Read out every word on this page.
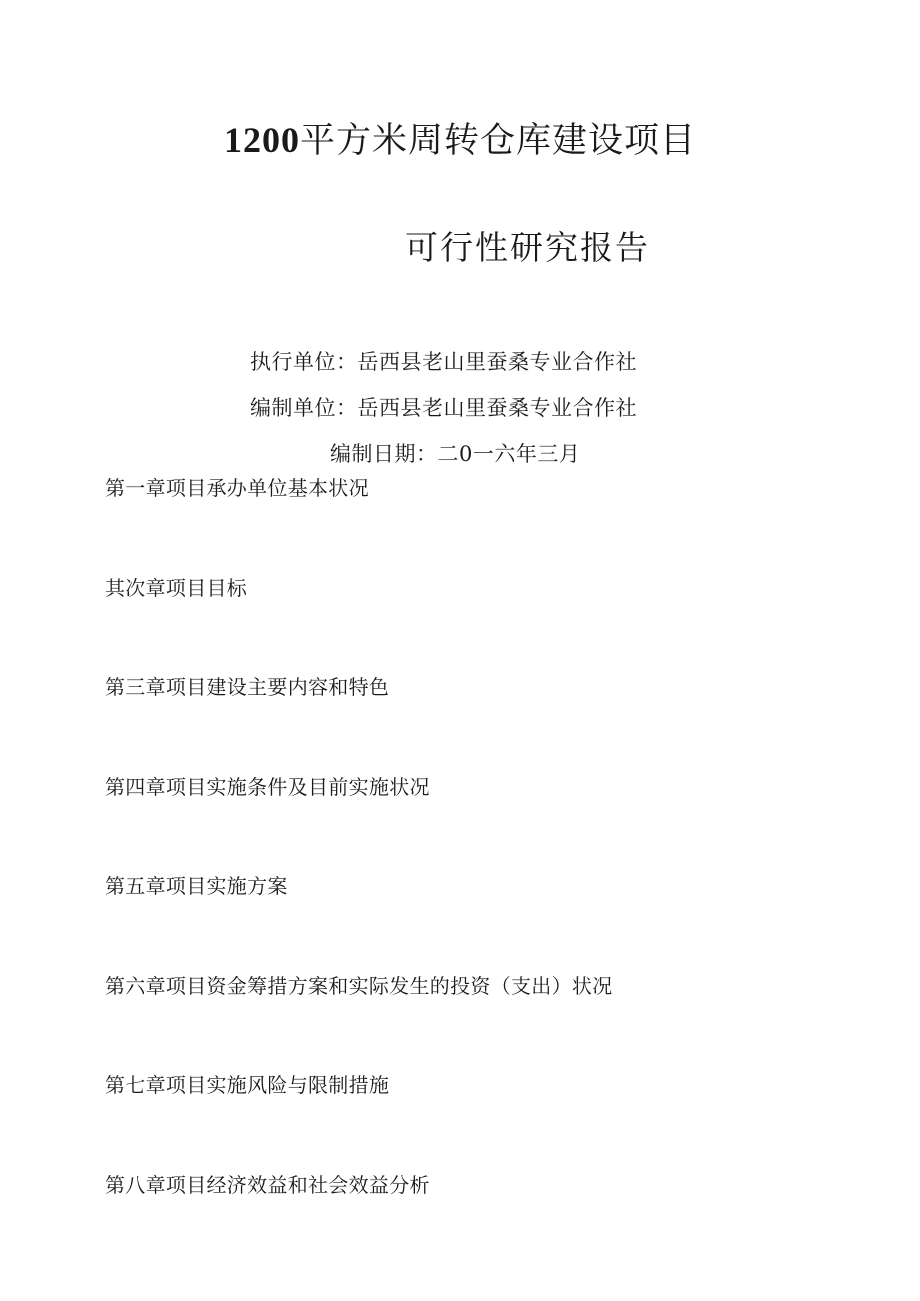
1200平方米周转仓库建设项目
可行性研究报告
执行单位：岳西县老山里蚕桑专业合作社
编制单位：岳西县老山里蚕桑专业合作社
编制日期：二0一六年三月
第一章项目承办单位基本状况
其次章项目目标
第三章项目建设主要内容和特色
第四章项目实施条件及目前实施状况
第五章项目实施方案
第六章项目资金筹措方案和实际发生的投资（支出）状况
第七章项目实施风险与限制措施
第八章项目经济效益和社会效益分析
